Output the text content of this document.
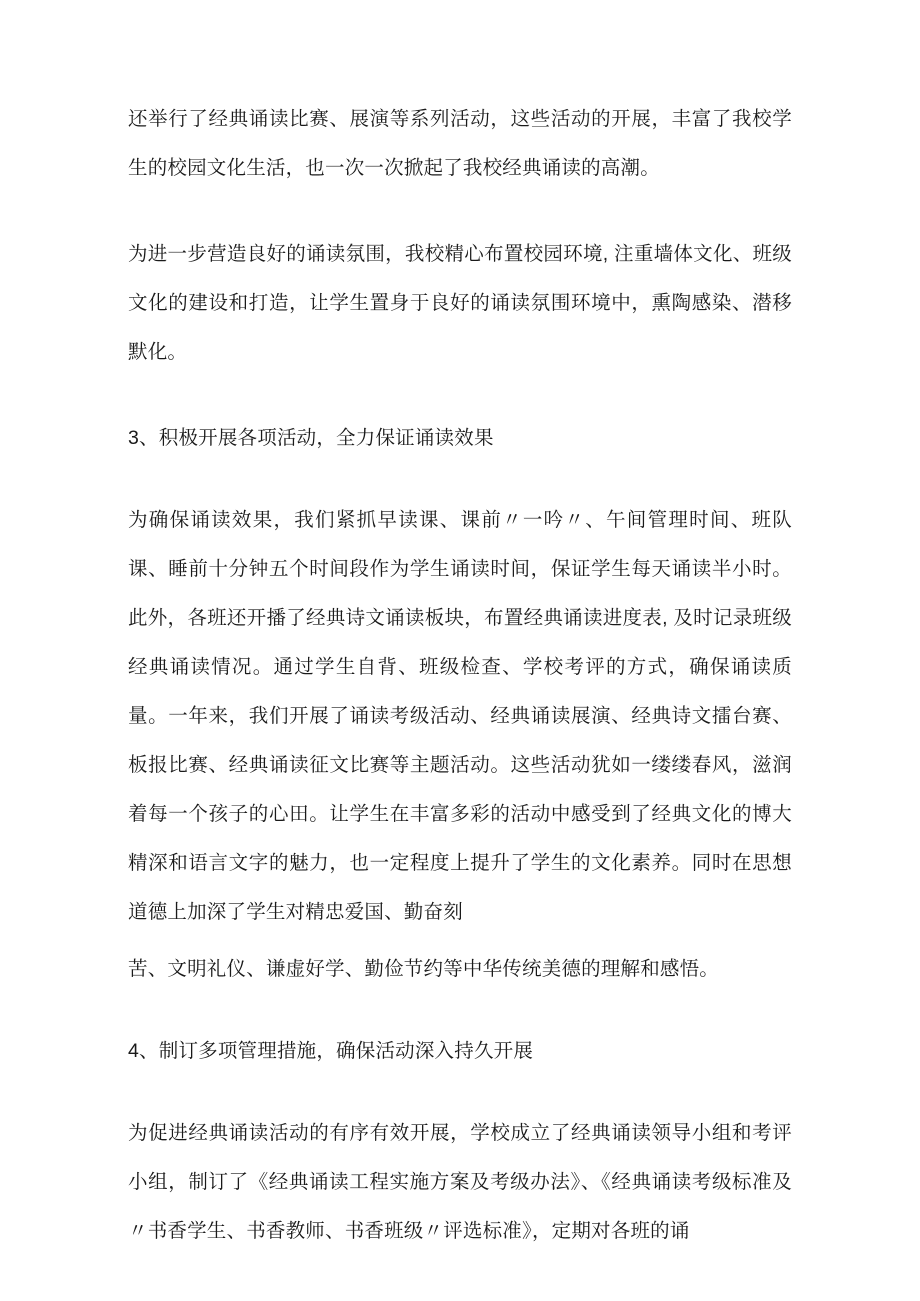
还举行了经典诵读比赛、展演等系列活动，这些活动的开展，丰富了我校学生的校园文化生活，也一次一次掀起了我校经典诵读的高潮。

为进一步营造良好的诵读氛围，我校精心布置校园环境, 注重墙体文化、班级文化的建设和打造，让学生置身于良好的诵读氛围环境中，熏陶感染、潜移默化。

3、积极开展各项活动，全力保证诵读效果

为确保诵读效果，我们紧抓早读课、课前〃一吟〃、午间管理时间、班队课、睡前十分钟五个时间段作为学生诵读时间，保证学生每天诵读半小时。此外，各班还开播了经典诗文诵读板块，布置经典诵读进度表, 及时记录班级经典诵读情况。通过学生自背、班级检查、学校考评的方式，确保诵读质量。一年来，我们开展了诵读考级活动、经典诵读展演、经典诗文擂台赛、板报比赛、经典诵读征文比赛等主题活动。这些活动犹如一缕缕春风，滋润着每一个孩子的心田。让学生在丰富多彩的活动中感受到了经典文化的博大精深和语言文字的魅力，也一定程度上提升了学生的文化素养。同时在思想道德上加深了学生对精忠爱国、勤奋刻

苦、文明礼仪、谦虚好学、勤俭节约等中华传统美德的理解和感悟。

4、制订多项管理措施，确保活动深入持久开展

为促进经典诵读活动的有序有效开展，学校成立了经典诵读领导小组和考评小组，制订了《经典诵读工程实施方案及考级办法》、《经典诵读考级标准及〃书香学生、书香教师、书香班级〃评选标准》，定期对各班的诵
